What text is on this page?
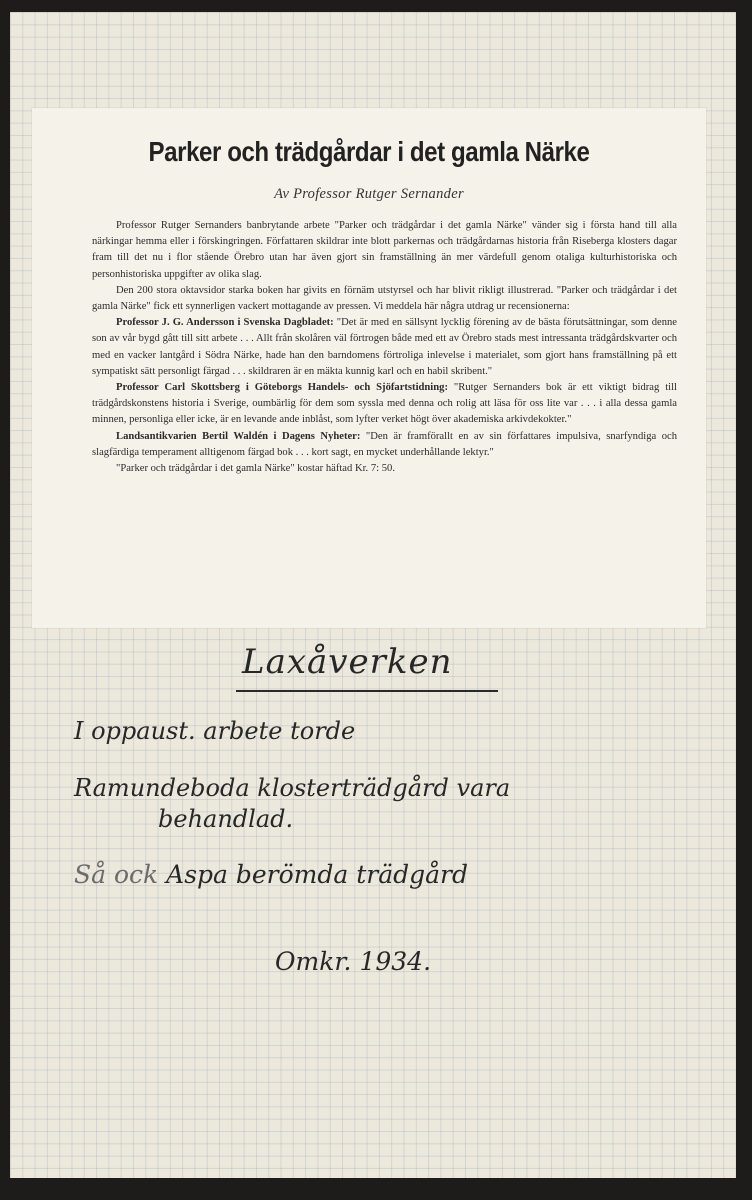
Parker och trädgårdar i det gamla Närke
Av Professor Rutger Sernander

Professor Rutger Sernanders banbrytande arbete "Parker och trädgårdar i det gamla Närke" vänder sig i första hand till alla närkingar hemma eller i förskingringen. Författaren skildrar inte blott parkernas och trädgårdarnas historia från Riseberga klosters dagar fram till det nu i flor stående Örebro utan har även gjort sin framställning än mer värdefull genom otaliga kulturhistoriska och personhistoriska uppgifter av olika slag.

Den 200 stora oktavsidor starka boken har givits en förnäm utstyrsel och har blivit rikligt illustrerad. "Parker och trädgårdar i det gamla Närke" fick ett synnerligen vackert mottagande av pressen. Vi meddela här några utdrag ur recensionerna:

Professor J. G. Andersson i Svenska Dagbladet: "Det är med en sällsynt lycklig förening av de bästa förutsättningar, som denne son av vår bygd gått till sitt arbete . . . Allt från skolåren väl förtrogen både med ett av Örebro stads mest intressanta trädgårdskvarter och med en vacker lantgård i Södra Närke, hade han den barndomens förtroliga inlevelse i materialet, som gjort hans framställning på ett sympatiskt sätt personligt färgad . . . skildraren är en mäktа kunnig karl och en habil skribent."

Professor Carl Skottsberg i Göteborgs Handels- och Sjöfartstidning: "Rutger Sernanders bok är ett viktigt bidrag till trädgårdskonstens historia i Sverige, oumbärlig för dem som syssla med denna och rolig att läsa för oss lite var . . . i alla dessa gamla minnen, personliga eller icke, är en levande ande inblåst, som lyfter verket högt över akademiska arkivdekokter."

Landsantikvarien Bertil Waldén i Dagens Nyheter: "Den är framförallt en av sin författares impulsiva, snarfyndiga och slagfärdiga temperament alltigenom färgad bok . . . kort sagt, en mycket underhållande lektyr."

"Parker och trädgårdar i det gamla Närke" kostar häftad Kr. 7: 50.

Laxåverken
I oppaust. arbete torde
Ramundeboda klosterträdgård vara
behandlad.
Så ock Aspa berömda trädgård
Omkr. 1934.
